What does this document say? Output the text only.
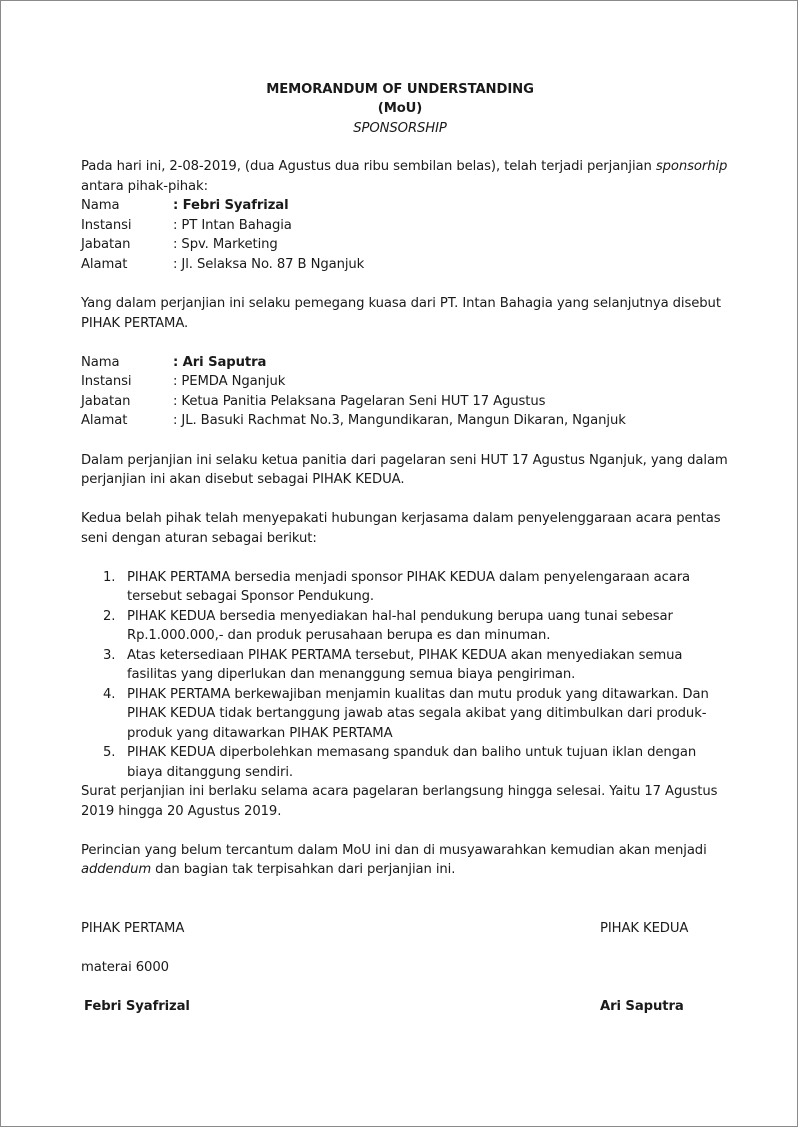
MEMORANDUM OF UNDERSTANDING
(MoU)
SPONSORSHIP
Pada hari ini, 2-08-2019, (dua Agustus dua ribu sembilan belas), telah terjadi perjanjian sponsorhip
antara pihak-pihak:
Nama	: Febri Syafrizal
Instansi	: PT Intan Bahagia
Jabatan	: Spv. Marketing
Alamat	: Jl. Selaksa No. 87 B Nganjuk
Yang dalam perjanjian ini selaku pemegang kuasa dari PT. Intan Bahagia yang selanjutnya disebut
PIHAK PERTAMA.
Nama	: Ari Saputra
Instansi	: PEMDA Nganjuk
Jabatan	: Ketua Panitia Pelaksana Pagelaran Seni HUT 17 Agustus
Alamat	: JL. Basuki Rachmat No.3, Mangundikaran, Mangun Dikaran, Nganjuk
Dalam perjanjian ini selaku ketua panitia dari pagelaran seni HUT 17 Agustus Nganjuk, yang dalam
perjanjian ini akan disebut sebagai PIHAK KEDUA.
Kedua belah pihak telah menyepakati hubungan kerjasama dalam penyelenggaraan acara pentas
seni dengan aturan sebagai berikut:
1. PIHAK PERTAMA bersedia menjadi sponsor PIHAK KEDUA dalam penyelengaraan acara
tersebut sebagai Sponsor Pendukung.
2. PIHAK KEDUA bersedia menyediakan hal-hal pendukung berupa uang tunai sebesar
Rp.1.000.000,- dan produk perusahaan berupa es dan minuman.
3. Atas ketersediaan PIHAK PERTAMA tersebut, PIHAK KEDUA akan menyediakan semua
fasilitas yang diperlukan dan menanggung semua biaya pengiriman.
4. PIHAK PERTAMA berkewajiban menjamin kualitas dan mutu produk yang ditawarkan. Dan
PIHAK KEDUA tidak bertanggung jawab atas segala akibat yang ditimbulkan dari produk-
produk yang ditawarkan PIHAK PERTAMA
5. PIHAK KEDUA diperbolehkan memasang spanduk dan baliho untuk tujuan iklan dengan
biaya ditanggung sendiri.
Surat perjanjian ini berlaku selama acara pagelaran berlangsung hingga selesai. Yaitu 17 Agustus
2019 hingga 20 Agustus 2019.
Perincian yang belum tercantum dalam MoU ini dan di musyawarahkan kemudian akan menjadi
addendum dan bagian tak terpisahkan dari perjanjian ini.
PIHAK PERTAMA	PIHAK KEDUA
materai 6000
Febri Syafrizal	Ari Saputra
